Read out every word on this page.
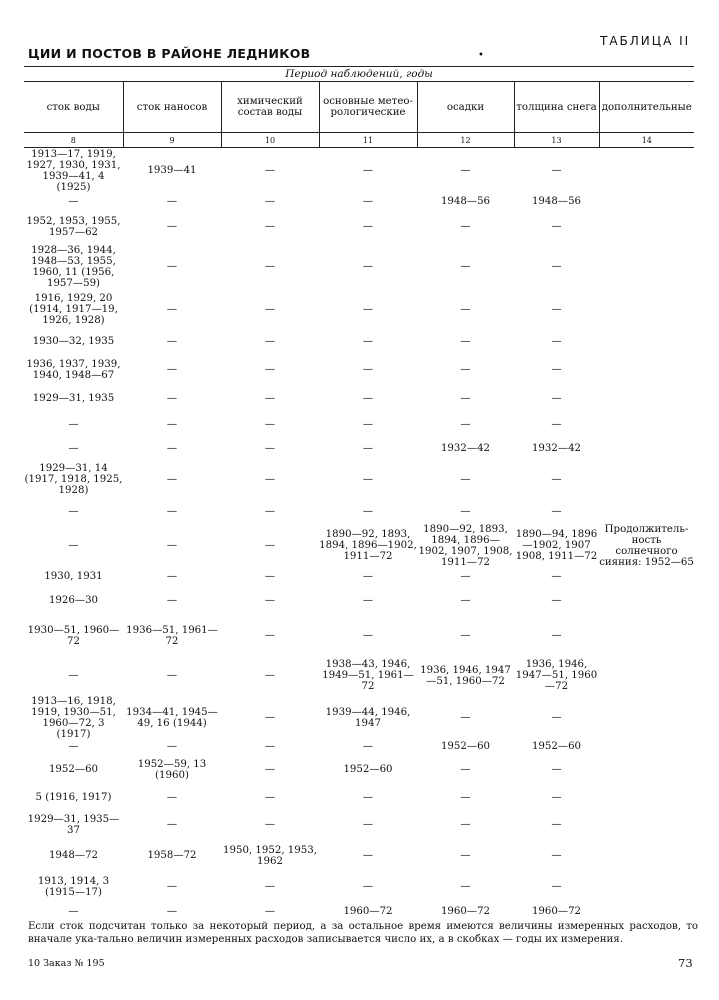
ЦИИ И ПОСТОВ В РАЙОНЕ ЛЕДНИКОВ	•
ТАБЛИЦА II
Период наблюдений, годы						
сток воды	сток наносов	химический состав воды	основные метео-рологические	осадки	толщина снега	дополнительные
8	9	10	11	12	13	14
1913—17, 1919, 1927, 1930, 1931, 1939—41, 4 (1925)	1939—41	—	—	—	—	
—	—	—	—	1948—56	1948—56	
1952, 1953, 1955, 1957—62	—	—	—	—	—	
1928—36, 1944, 1948—53, 1955, 1960, 11 (1956, 1957—59)	—	—	—	—	—	
1916, 1929, 20 (1914, 1917—19, 1926, 1928)	—	—	—	—	—	
1930—32, 1935	—	—	—	—	—	
1936, 1937, 1939, 1940, 1948—67	—	—	—	—	—	
1929—31, 1935	—	—	—	—	—	
—	—	—	—	—	—	
—	—	—	—	1932—42	1932—42	
1929—31, 14 (1917, 1918, 1925, 1928)	—	—	—	—	—	
—	—	—	—	—	—	
—	—	—	1890—92, 1893, 1894, 1896—1902, 1911—72	1890—92, 1893, 1894, 1896—1902, 1907, 1908, 1911—72	1890—94, 1896—1902, 1907 1908, 1911—72	Продолжитель-ность солнечного сияния: 1952—65
1930, 1931	—	—	—	—	—	
1926—30	—	—	—	—	—	
1930—51, 1960—72	1936—51, 1961—72	—	—	—	—	
—	—	—	1938—43, 1946, 1949—51, 1961—72	1936, 1946, 1947—51, 1960—72	1936, 1946, 1947—51, 1960—72	
1913—16, 1918, 1919, 1930—51, 1960—72, 3 (1917)	1934—41, 1945—49, 16 (1944)	—	1939—44, 1946, 1947	—	—	
—	—	—	—	1952—60	1952—60	
1952—60	1952—59, 13 (1960)	—	1952—60	—	—	
5 (1916, 1917)	—	—	—	—	—	
1929—31, 1935—37	—	—	—	—	—	
1948—72	1958—72	1950, 1952, 1953, 1962	—	—	—	
1913, 1914, 3 (1915—17)	—	—	—	—	—	
—	—	—	1960—72	1960—72	1960—72	
Если сток подсчитан только за некоторый период, а за остальное время имеются величины измеренных расходов, то вначале ука-тально величин измеренных расходов записывается число их, а в скобках — годы их измерения.
10 Заказ № 195	73
